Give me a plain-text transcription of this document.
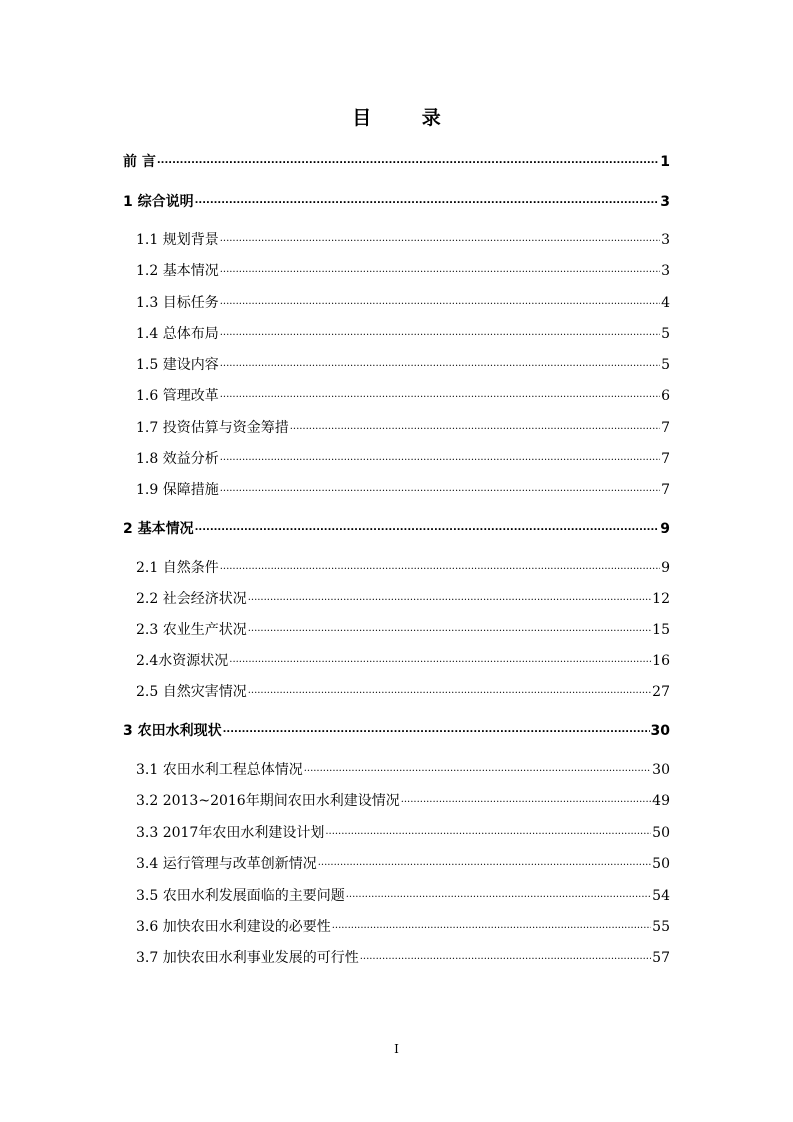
目 录
前 言 .....	1
1 综合说明 .....	3
1.1 规划背景 .....	3
1.2 基本情况 .....	3
1.3 目标任务 .....	4
1.4 总体布局 .....	5
1.5 建设内容 .....	5
1.6 管理改革 .....	6
1.7 投资估算与资金筹措 .....	7
1.8 效益分析 .....	7
1.9 保障措施 .....	7
2 基本情况 .....	9
2.1 自然条件 .....	9
2.2 社会经济状况 .....	12
2.3 农业生产状况 .....	15
2.4水资源状况 .....	16
2.5 自然灾害情况 .....	27
3 农田水利现状 .....	30
3.1 农田水利工程总体情况 .....	30
3.2 2013~2016年期间农田水利建设情况 .....	49
3.3 2017年农田水利建设计划 .....	50
3.4 运行管理与改革创新情况 .....	50
3.5 农田水利发展面临的主要问题 .....	54
3.6 加快农田水利建设的必要性 .....	55
3.7 加快农田水利事业发展的可行性 .....	57
I
